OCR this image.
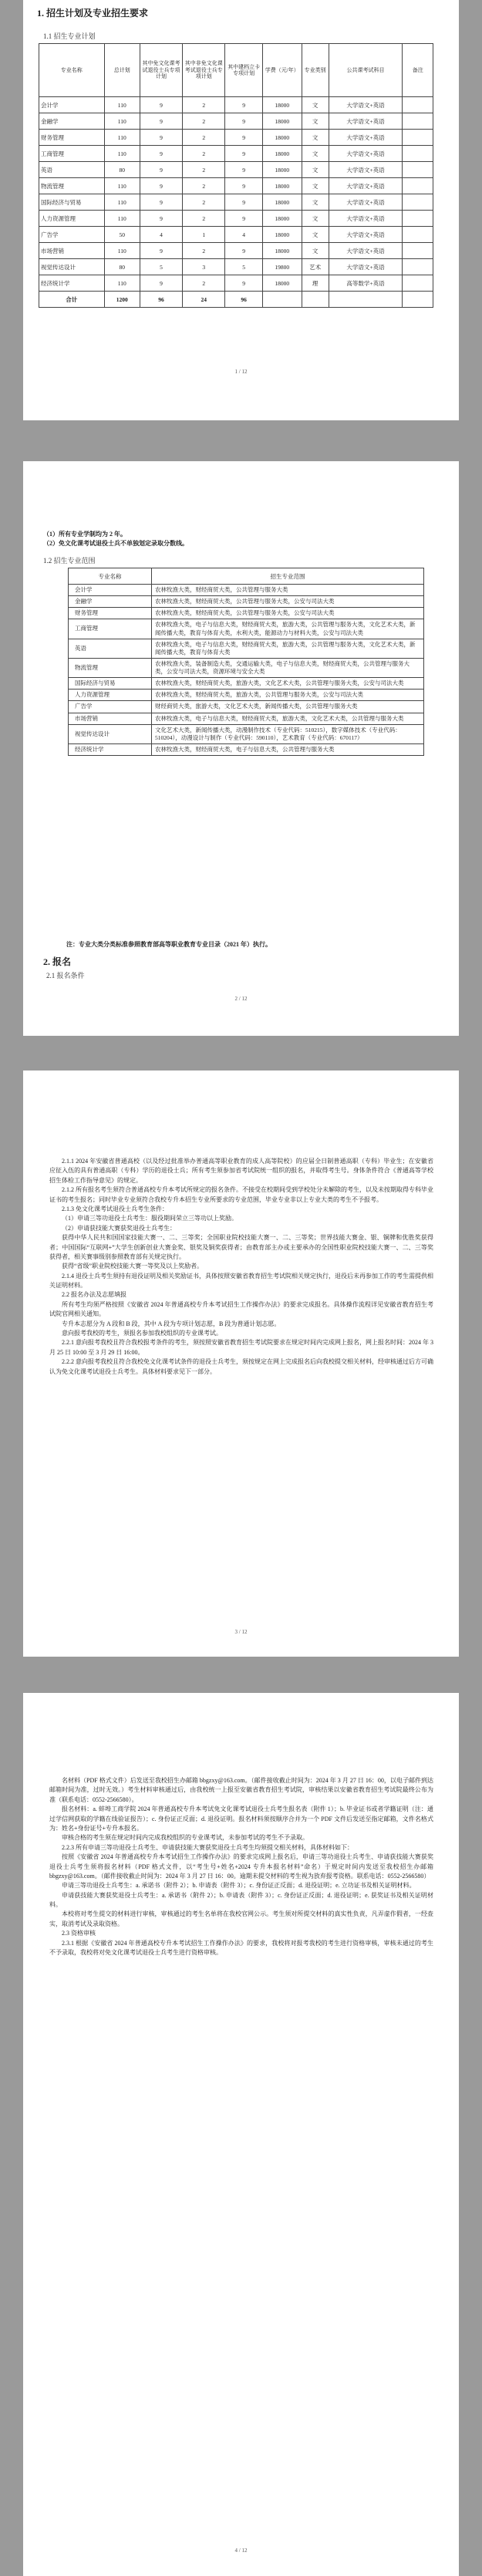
1. 招生计划及专业招生要求
1.1 招生专业计划
专业名称	总计划	其中免文化课考试退役士兵专项计划	其中非免文化课考试退役士兵专项计划	其中建档立卡专项计划	学费（元/年）	专业类别	公共课考试科目	备注
会计学	110	9	2	9	18000	文	大学语文+英语	
金融学	110	9	2	9	18000	文	大学语文+英语	
财务管理	110	9	2	9	18000	文	大学语文+英语	
工商管理	110	9	2	9	18000	文	大学语文+英语	
英语	80	9	2	9	18000	文	大学语文+英语	
物流管理	110	9	2	9	18000	文	大学语文+英语	
国际经济与贸易	110	9	2	9	18000	文	大学语文+英语	
人力资源管理	110	9	2	9	18000	文	大学语文+英语	
广告学	50	4	1	4	18000	文	大学语文+英语	
市场营销	110	9	2	9	18000	文	大学语文+英语	
视觉传达设计	80	5	3	5	19800	艺术	大学语文+英语	
经济统计学	110	9	2	9	18000	理	高等数学+英语	
合计	1200	96	24	96				
1 / 12
（1）所有专业学制均为 2 年。
（2）免文化课考试退役士兵不单独划定录取分数线。
1.2 招生专业范围
专业名称	招生专业范围
会计学	农林牧渔大类，财经商贸大类，公共管理与服务大类
金融学	农林牧渔大类，财经商贸大类，公共管理与服务大类，公安与司法大类
财务管理	农林牧渔大类，财经商贸大类，公共管理与服务大类，公安与司法大类
工商管理	农林牧渔大类，电子与信息大类，财经商贸大类，旅游大类，公共管理与服务大类，文化艺术大类，新闻传播大类，教育与体育大类，水利大类，能源动力与材料大类，公安与司法大类
英语	农林牧渔大类，电子与信息大类，财经商贸大类，旅游大类，公共管理与服务大类，文化艺术大类，新闻传播大类，教育与体育大类
物流管理	农林牧渔大类，装备制造大类，交通运输大类，电子与信息大类，财经商贸大类，公共管理与服务大类，公安与司法大类，资源环境与安全大类
国际经济与贸易	农林牧渔大类，财经商贸大类，旅游大类，文化艺术大类，公共管理与服务大类，公安与司法大类
人力资源管理	农林牧渔大类，财经商贸大类，旅游大类，公共管理与服务大类，公安与司法大类
广告学	财经商贸大类，旅游大类，文化艺术大类，新闻传播大类，公共管理与服务大类
市场营销	农林牧渔大类，电子与信息大类，财经商贸大类，旅游大类，文化艺术大类，公共管理与服务大类
视觉传达设计	文化艺术大类，新闻传播大类，动漫制作技术（专业代码：510215），数字媒体技术（专业代码：510204），动漫设计与制作（专业代码：590110），艺术教育（专业代码：670117）
经济统计学	农林牧渔大类，财经商贸大类，电子与信息大类，公共管理与服务大类
注：专业大类分类标准参照教育部高等职业教育专业目录（2021 年）执行。
2. 报名
2.1 报名条件
2 / 12

2.1.1 2024 年安徽省普通高校（以及经过批准举办普通高等职业教育的成人高等院校）的应届全日制普通高职（专科）毕业生；在安徽省应征入伍的具有普通高职（专科）学历的退役士兵；所有考生须参加省考试院统一组织的报名，并取得考生号。身体条件符合《普通高等学校招生体检工作指导意见》的规定。

2.1.2 所有报名考生须符合普通高校专升本考试所规定的报名条件。不接受在校期间受到学校处分未解除的考生，以及未按期取得专科毕业证书的考生报名；同时毕业专业须符合我校专升本招生专业所要求的专业范围，毕业专业非以上专业大类的考生不予报考。

2.1.3 免文化课考试退役士兵考生条件：

（1）申请三等功退役士兵考生：服役期间荣立三等功以上奖励。

（2）申请获技能大赛获奖退役士兵考生：

获得中华人民共和国国家技能大赛一、二、三等奖；全国职业院校技能大赛一、二、三等奖；世界技能大赛金、银、铜牌和优胜奖获得者；中国国际“互联网+”大学生创新创业大赛金奖、银奖及铜奖获得者；由教育部主办或主要承办的全国性职业院校技能大赛一、二、三等奖获得者，相关赛事级别参照教育部有关规定执行。

获得“省级”职业院校技能大赛一等奖及以上奖励者。

2.1.4 退役士兵考生须持有退役证明及相关奖励证书，具体按照安徽省教育招生考试院相关规定执行，退役后未再参加工作的考生需提供相关证明材料。

2.2 报名办法及志愿填报

所有考生均须严格按照《安徽省 2024 年普通高校专升本考试招生工作操作办法》的要求完成报名。具体操作流程详见安徽省教育招生考试院官网相关通知。

专升本志愿分为 A 段和 B 段，其中 A 段为专项计划志愿，B 段为普通计划志愿。

意向报考我校的考生，须报名参加我校组织的专业课考试。

2.2.1 意向报考我校且符合我校报考条件的考生，须按照安徽省教育招生考试院要求在规定时间内完成网上报名，网上报名时间：2024 年 3 月 25 日 10:00 至 3 月 29 日 16:00。

2.2.2 意向报考我校且符合我校免文化课考试条件的退役士兵考生，须按规定在网上完成报名后向我校提交相关材料，经审核通过后方可确认为免文化课考试退役士兵考生。具体材料要求见下一部分。

3 / 12

名材料（PDF 格式文件）后发送至我校招生办邮箱 bbgzxy@163.com。（邮件接收截止时间为：2024 年 3 月 27 日 16：00，以电子邮件到达邮箱时间为准，过时无效。）考生材料审核通过后，由我校统一上报至安徽省教育招生考试院，审核结果以安徽省教育招生考试院最终公布为准（联系电话：0552-2566580）。

报名材料：a. 蚌埠工商学院 2024 年普通高校专升本考试免文化课考试退役士兵考生报名表（附件 1）；b. 毕业证书或者学籍证明（注：通过学信网获取的学籍在线验证报告）；c. 身份证正反面；d. 退役证明。报名材料须按顺序合并为一个 PDF 文件后发送至指定邮箱，文件名格式为：姓名+身份证号+专升本报名。

审核合格的考生须在规定时间内完成我校组织的专业课考试，未参加考试的考生不予录取。

2.2.3 所有申请三等功退役士兵考生、申请获技能大赛获奖退役士兵考生均须提交相关材料，具体材料如下：

按照《安徽省 2024 年普通高校专升本考试招生工作操作办法》的要求完成网上报名后，申请三等功退役士兵考生、申请获技能大赛获奖退役士兵考生须将报名材料（PDF 格式文件，以“考生号+姓名+2024 专升本报名材料”命名）于规定时间内发送至我校招生办邮箱 bbgzxy@163.com。（邮件接收截止时间为：2024 年 3 月 27 日 16：00。逾期未提交材料的考生视为放弃报考资格。联系电话：0552-2566580）

申请三等功退役士兵考生：a. 承诺书（附件 2）；b. 申请表（附件 3）；c. 身份证正反面；d. 退役证明；e. 立功证书及相关证明材料。

申请获技能大赛获奖退役士兵考生：a. 承诺书（附件 2）；b. 申请表（附件 3）；c. 身份证正反面；d. 退役证明；e. 获奖证书及相关证明材料。

本校将对考生提交的材料进行审核，审核通过的考生名单将在我校官网公示。考生须对所提交材料的真实性负责，凡弄虚作假者，一经查实，取消考试及录取资格。

2.3 资格审核

2.3.1 根据《安徽省 2024 年普通高校专升本考试招生工作操作办法》的要求，我校将对报考我校的考生进行资格审核，审核未通过的考生不予录取，我校将对免文化课考试退役士兵考生进行资格审核。

4 / 12
